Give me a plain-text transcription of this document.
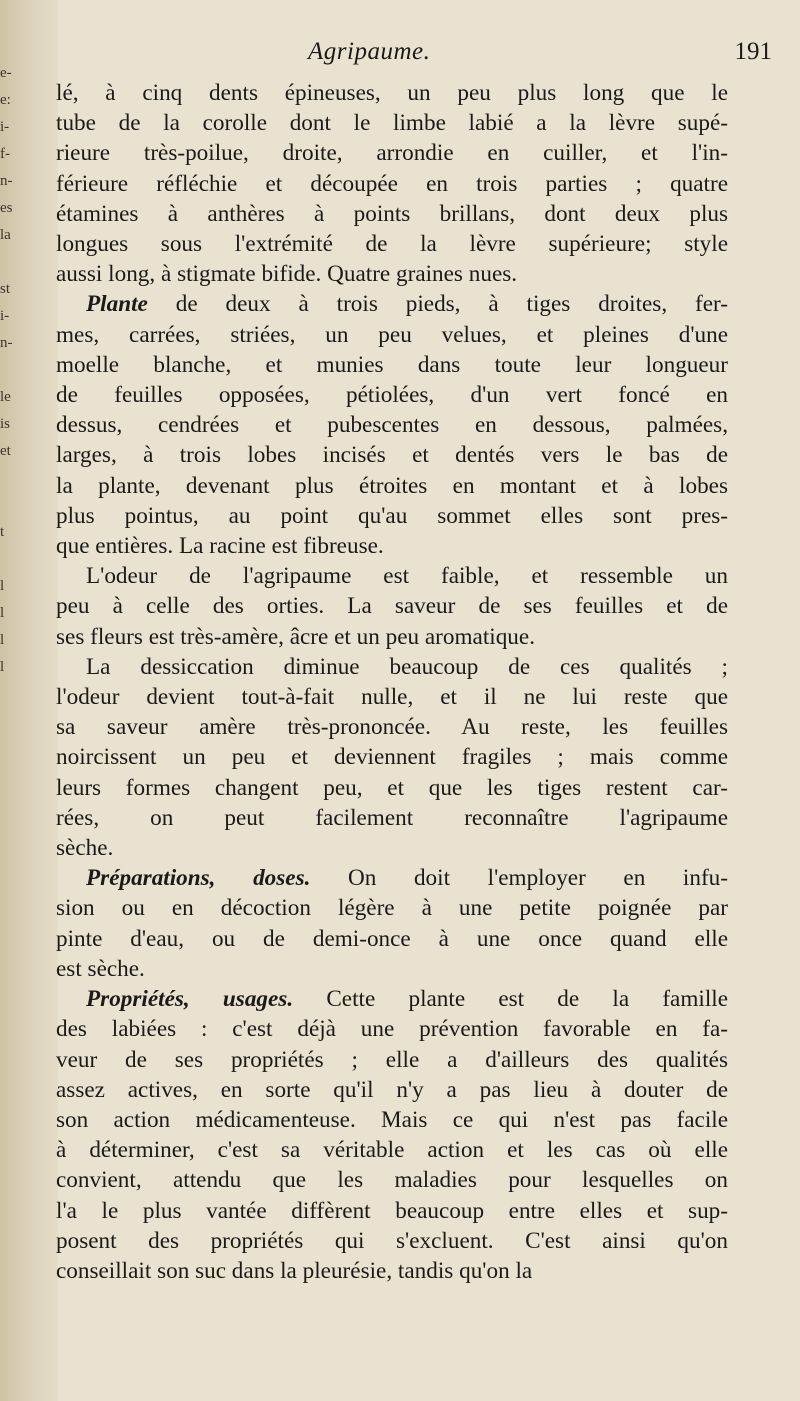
e-
e:
i-
f-
n-
es
la

st
i-
n-

le
is
et

t

l
l
l
l
Agripaume.	191

lé, à cinq dents épineuses, un peu plus long que le
tube de la corolle dont le limbe labié a la lèvre supé-
rieure très-poilue, droite, arrondie en cuiller, et l'in-
férieure réfléchie et découpée en trois parties ; quatre
étamines à anthères à points brillans, dont deux plus
longues sous l'extrémité de la lèvre supérieure; style
aussi long, à stigmate bifide. Quatre graines nues.

Plante de deux à trois pieds, à tiges droites, fer-
mes, carrées, striées, un peu velues, et pleines d'une
moelle blanche, et munies dans toute leur longueur
de feuilles opposées, pétiolées, d'un vert foncé en
dessus, cendrées et pubescentes en dessous, palmées,
larges, à trois lobes incisés et dentés vers le bas de
la plante, devenant plus étroites en montant et à lobes
plus pointus, au point qu'au sommet elles sont pres-
que entières. La racine est fibreuse.

L'odeur de l'agripaume est faible, et ressemble un
peu à celle des orties. La saveur de ses feuilles et de
ses fleurs est très-amère, âcre et un peu aromatique.

La dessiccation diminue beaucoup de ces qualités ;
l'odeur devient tout-à-fait nulle, et il ne lui reste que
sa saveur amère très-prononcée. Au reste, les feuilles
noircissent un peu et deviennent fragiles ; mais comme
leurs formes changent peu, et que les tiges restent car-
rées, on peut facilement reconnaître l'agripaume
sèche.

Préparations, doses. On doit l'employer en infu-
sion ou en décoction légère à une petite poignée par
pinte d'eau, ou de demi-once à une once quand elle
est sèche.

Propriétés, usages. Cette plante est de la famille
des labiées : c'est déjà une prévention favorable en fa-
veur de ses propriétés ; elle a d'ailleurs des qualités
assez actives, en sorte qu'il n'y a pas lieu à douter de
son action médicamenteuse. Mais ce qui n'est pas facile
à déterminer, c'est sa véritable action et les cas où elle
convient, attendu que les maladies pour lesquelles on
l'a le plus vantée diffèrent beaucoup entre elles et sup-
posent des propriétés qui s'excluent. C'est ainsi qu'on
conseillait son suc dans la pleurésie, tandis qu'on la
